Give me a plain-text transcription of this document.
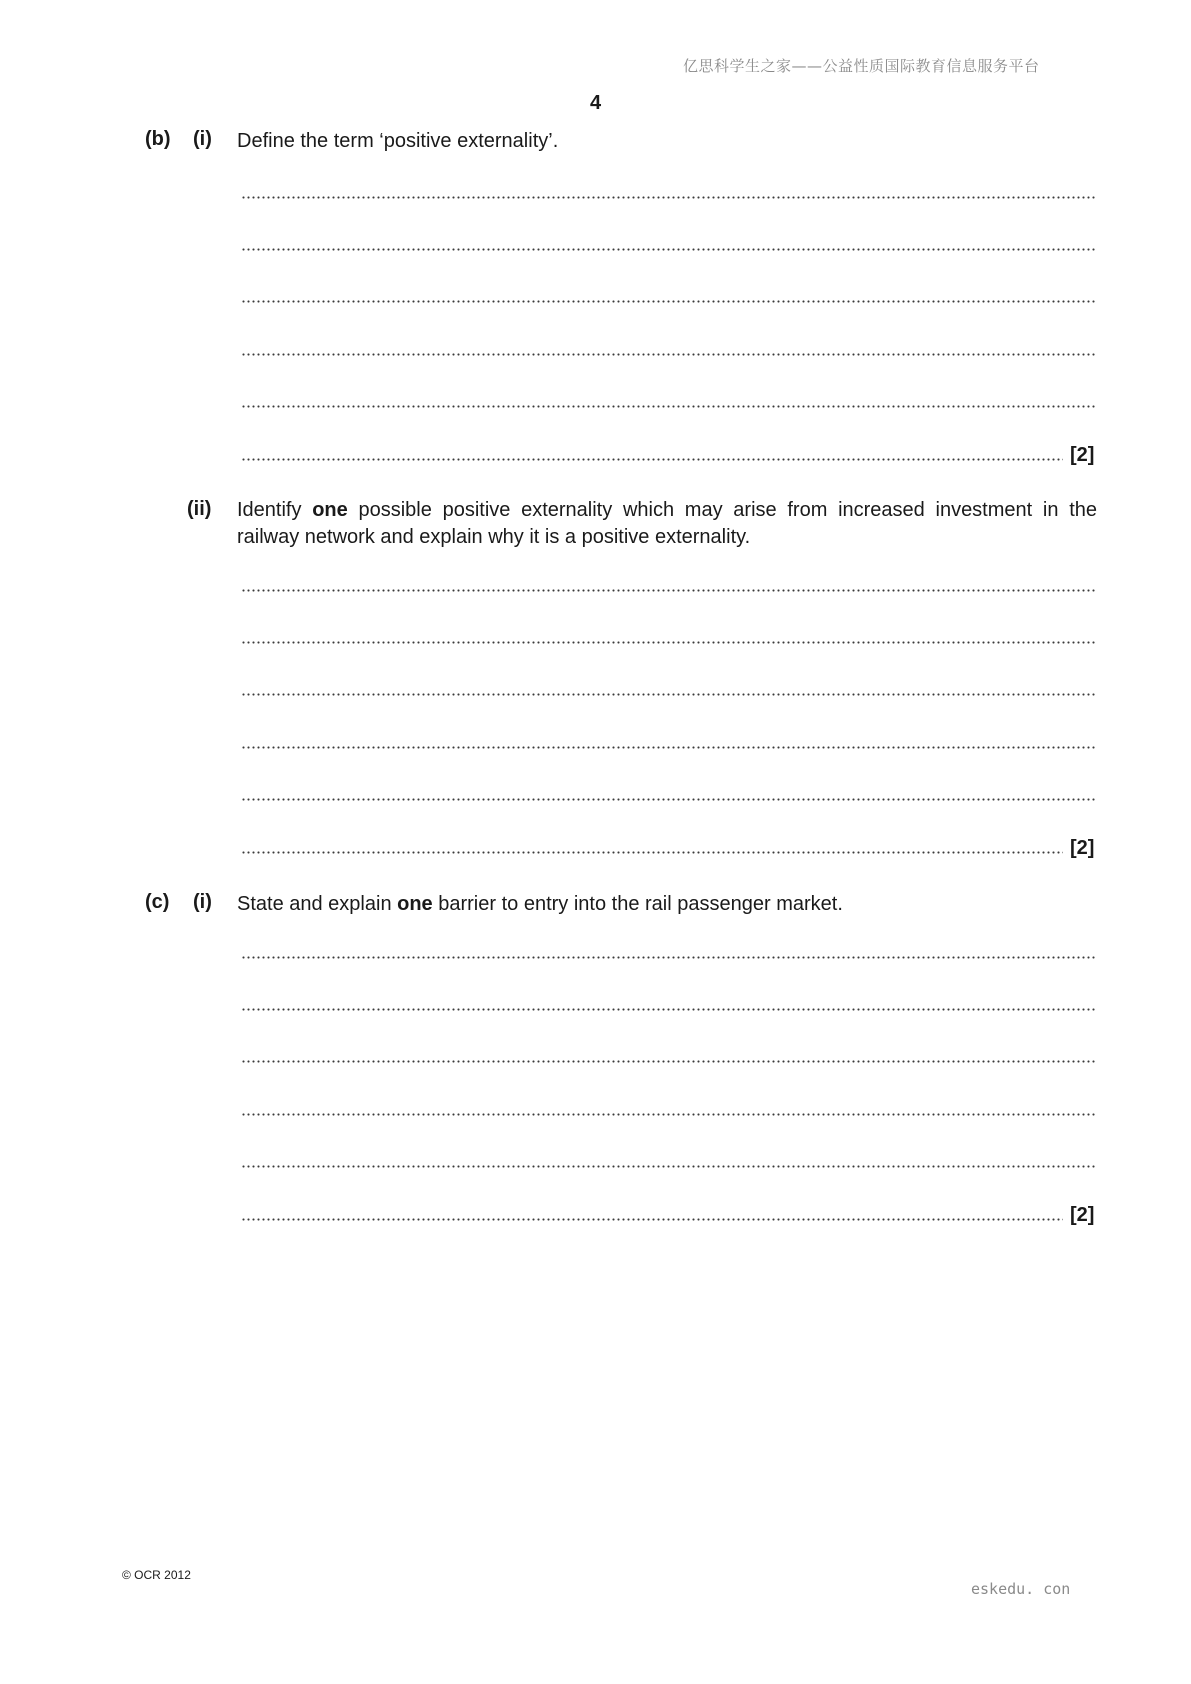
亿思科学生之家——公益性质国际教育信息服务平台
4
(b) (i) Define the term ‘positive externality’.
[2]
(ii) Identify one possible positive externality which may arise from increased investment in the railway network and explain why it is a positive externality.
[2]
(c) (i) State and explain one barrier to entry into the rail passenger market.
[2]
© OCR 2012
eskedu. con
